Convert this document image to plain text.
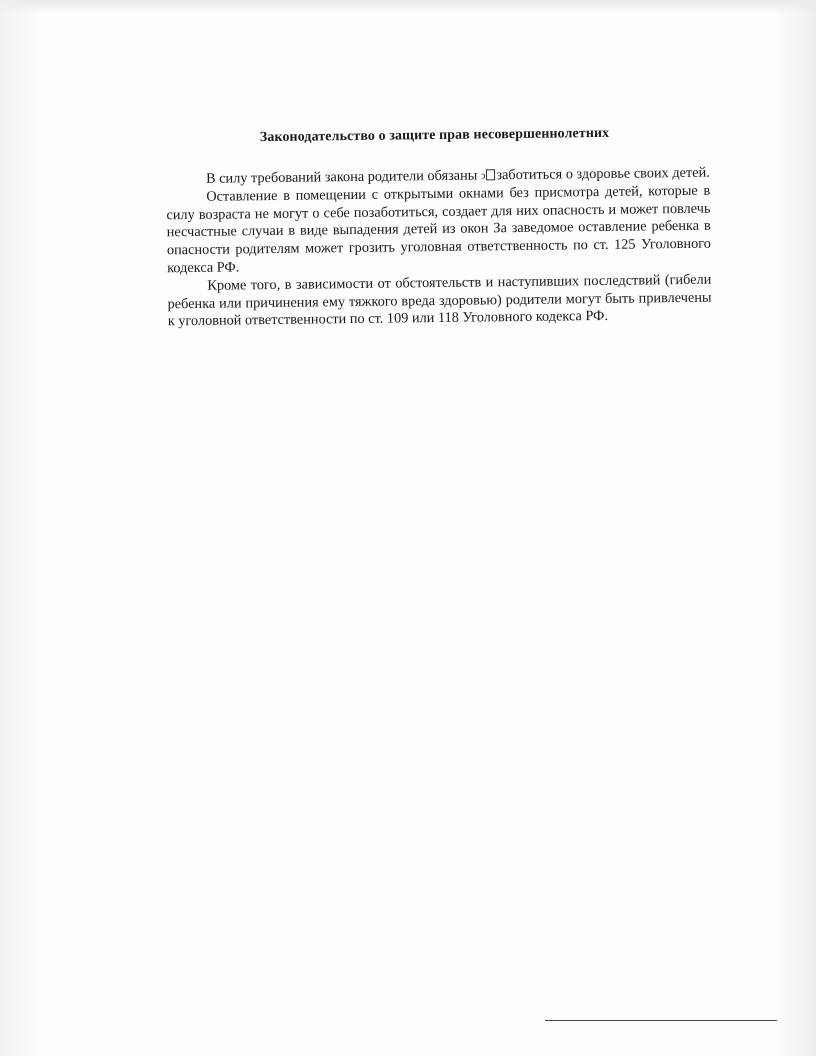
Законодательство о защите прав несовершеннолетних

В силу требований закона родители обязаны ↄ заботиться о здоровье своих детей.

Оставление в помещении с открытыми окнами без присмотра детей, которые в силу возраста не могут о себе позаботиться, создает для них опасность и может повлечь несчастные случаи в виде выпадения детей из окон За заведомое оставление ребенка в опасности родителям может грозить уголовная ответственность по ст. 125 Уголовного кодекса РФ.

Кроме того, в зависимости от обстоятельств и наступивших последствий (гибели ребенка или причинения ему тяжкого вреда здоровью) родители могут быть привлечены к уголовной ответственности по ст. 109 или 118 Уголовного кодекса РФ.
